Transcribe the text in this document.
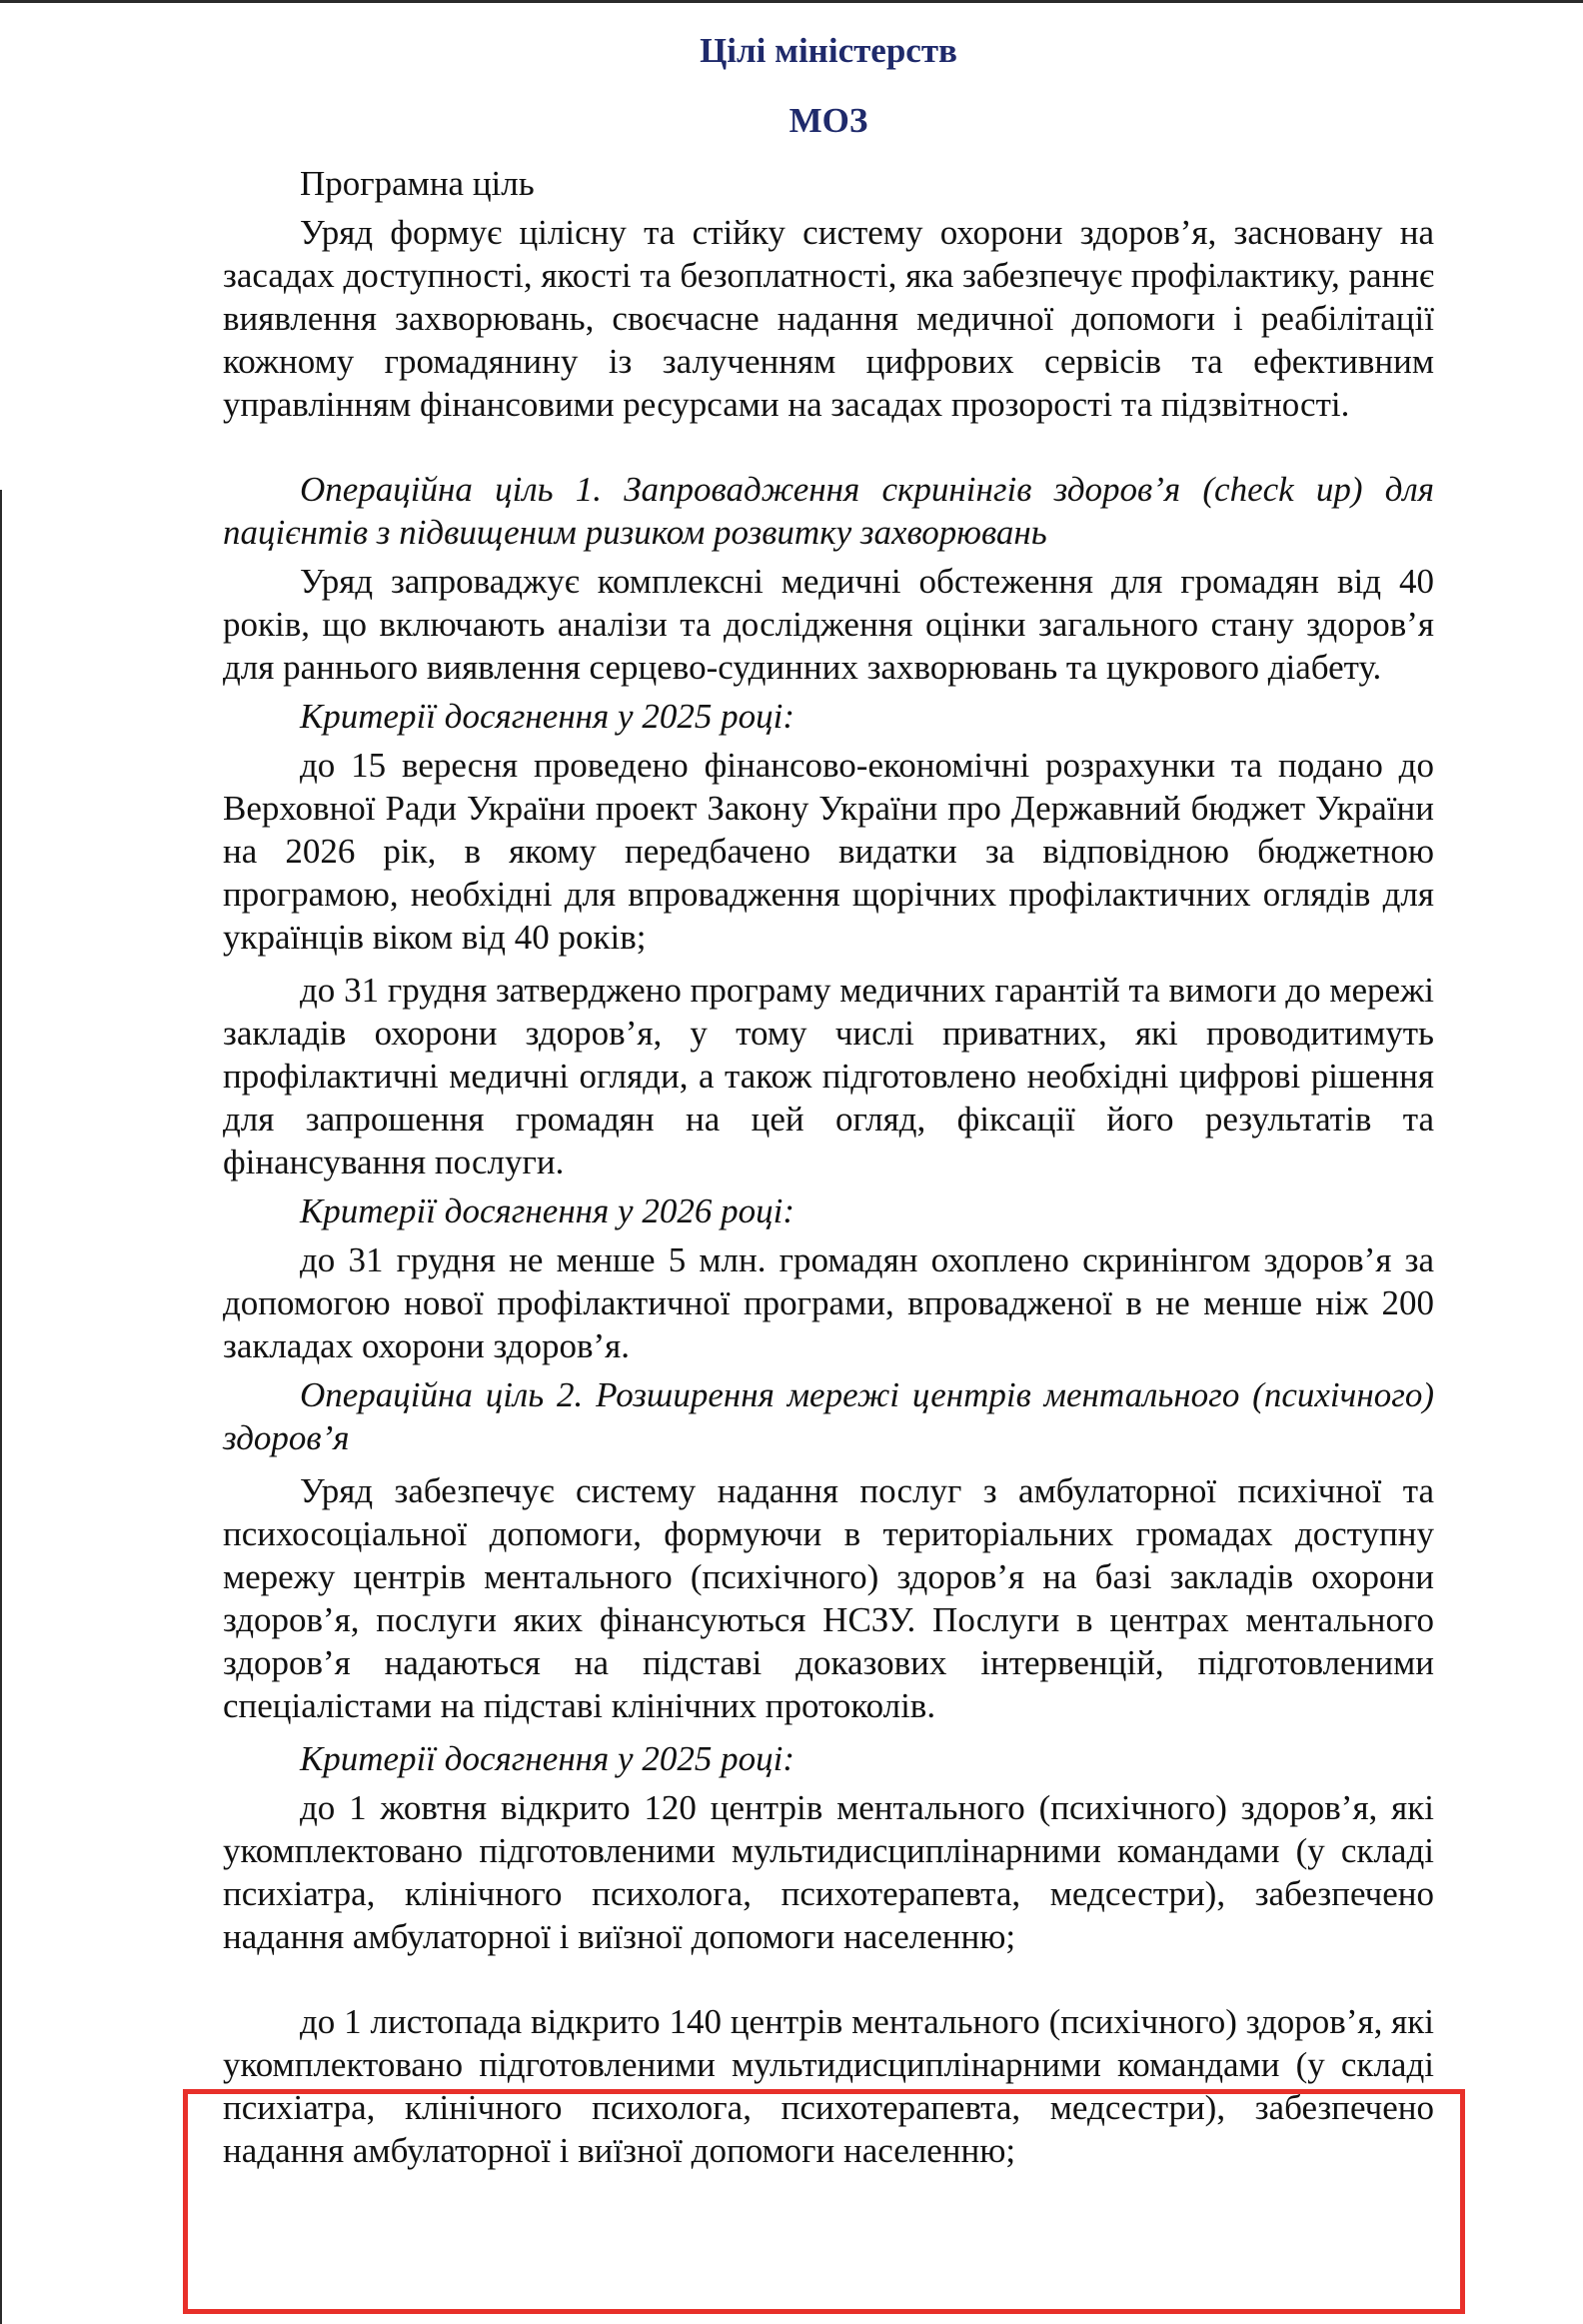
Цілі міністерств
МОЗ

Програмна ціль

Уряд формує цілісну та стійку систему охорони здоров’я, засновану на засадах доступності, якості та безоплатності, яка забезпечує профілактику, раннє виявлення захворювань, своєчасне надання медичної допомоги і реабілітації кожному громадянину із залученням цифрових сервісів та ефективним управлінням фінансовими ресурсами на засадах прозорості та підзвітності.

Операційна ціль 1. Запровадження скринінгів здоров’я (check up) для пацієнтів з підвищеним ризиком розвитку захворювань

Уряд запроваджує комплексні медичні обстеження для громадян від 40 років, що включають аналізи та дослідження оцінки загального стану здоров’я для раннього виявлення серцево-судинних захворювань та цукрового діабету.

Критерії досягнення у 2025 році:

до 15 вересня проведено фінансово-економічні розрахунки та подано до Верховної Ради України проект Закону України про Державний бюджет України на 2026 рік, в якому передбачено видатки за відповідною бюджетною програмою, необхідні для впровадження щорічних профілактичних оглядів для українців віком від 40 років;

до 31 грудня затверджено програму медичних гарантій та вимоги до мережі закладів охорони здоров’я, у тому числі приватних, які проводитимуть профілактичні медичні огляди, а також підготовлено необхідні цифрові рішення для запрошення громадян на цей огляд, фіксації його результатів та фінансування послуги.

Критерії досягнення у 2026 році:

до 31 грудня не менше 5 млн. громадян охоплено скринінгом здоров’я за допомогою нової профілактичної програми, впровадженої в не менше ніж 200 закладах охорони здоров’я.

Операційна ціль 2. Розширення мережі центрів ментального (психічного) здоров’я

Уряд забезпечує систему надання послуг з амбулаторної психічної та психосоціальної допомоги, формуючи в територіальних громадах доступну мережу центрів ментального (психічного) здоров’я на базі закладів охорони здоров’я, послуги яких фінансуються НСЗУ. Послуги в центрах ментального здоров’я надаються на підставі доказових інтервенцій, підготовленими спеціалістами на підставі клінічних протоколів.

Критерії досягнення у 2025 році:

до 1 жовтня відкрито 120 центрів ментального (психічного) здоров’я, які укомплектовано підготовленими мультидисциплінарними командами (у складі психіатра, клінічного психолога, психотерапевта, медсестри), забезпечено надання амбулаторної і виїзної допомоги населенню;

до 1 листопада відкрито 140 центрів ментального (психічного) здоров’я, які укомплектовано підготовленими мультидисциплінарними командами (у складі психіатра, клінічного психолога, психотерапевта, медсестри), забезпечено надання амбулаторної і виїзної допомоги населенню;
